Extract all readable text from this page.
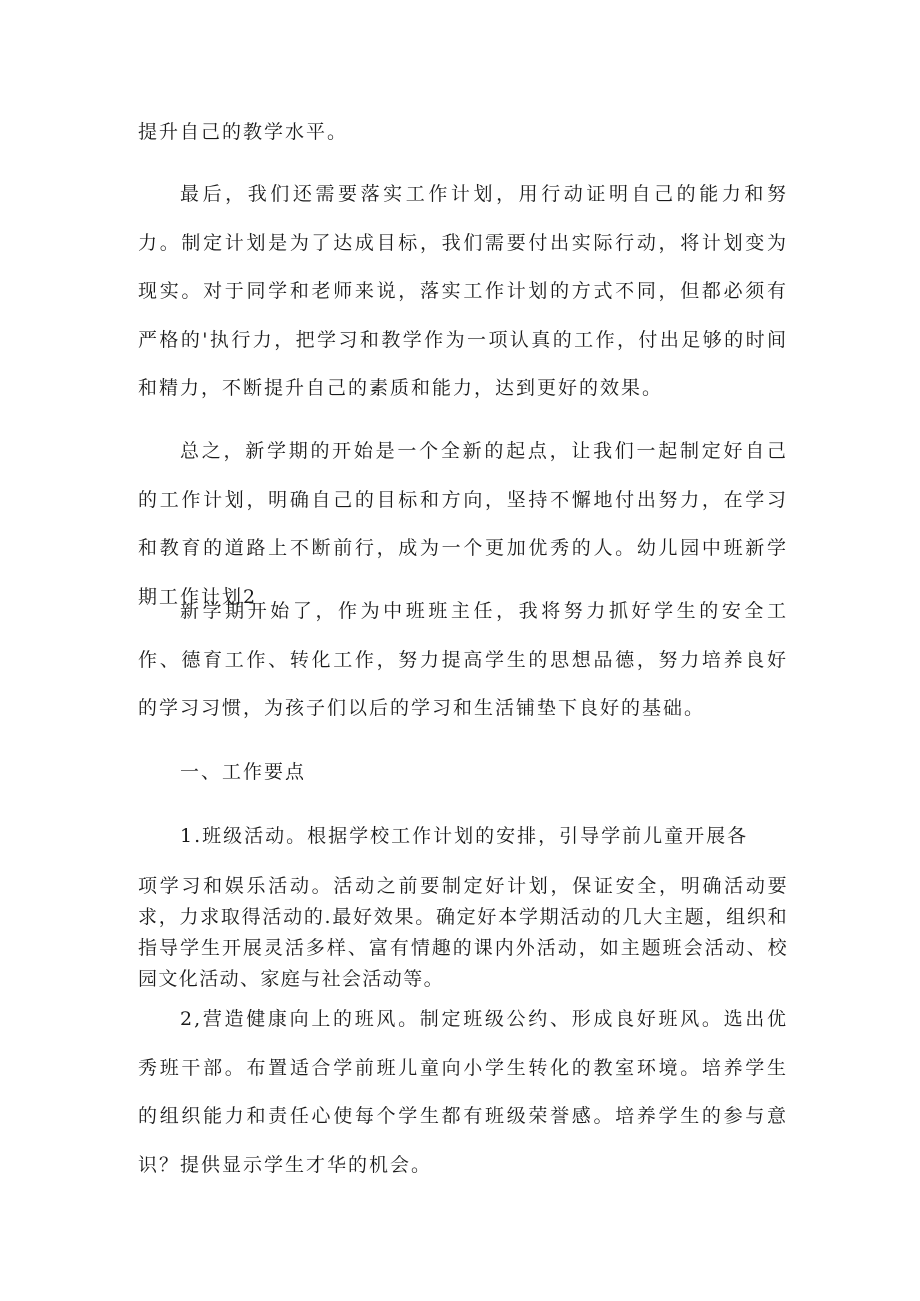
提升自己的教学水平。

最后，我们还需要落实工作计划，用行动证明自己的能力和努力。制定计划是为了达成目标，我们需要付出实际行动，将计划变为现实。对于同学和老师来说，落实工作计划的方式不同，但都必须有严格的'执行力，把学习和教学作为一项认真的工作，付出足够的时间和精力，不断提升自己的素质和能力，达到更好的效果。

总之，新学期的开始是一个全新的起点，让我们一起制定好自己的工作计划，明确自己的目标和方向，坚持不懈地付出努力，在学习和教育的道路上不断前行，成为一个更加优秀的人。幼儿园中班新学期工作计划2

新学期开始了，作为中班班主任，我将努力抓好学生的安全工作、德育工作、转化工作，努力提高学生的思想品德，努力培养良好的学习习惯，为孩子们以后的学习和生活铺垫下良好的基础。

一、工作要点

1.班级活动。根据学校工作计划的安排，引导学前儿童开展各

项学习和娱乐活动。活动之前要制定好计划，保证安全，明确活动要求，力求取得活动的.最好效果。确定好本学期活动的几大主题，组织和指导学生开展灵活多样、富有情趣的课内外活动，如主题班会活动、校园文化活动、家庭与社会活动等。

2,营造健康向上的班风。制定班级公约、形成良好班风。选出优秀班干部。布置适合学前班儿童向小学生转化的教室环境。培养学生的组织能力和责任心使每个学生都有班级荣誉感。培养学生的参与意识？提供显示学生才华的机会。
